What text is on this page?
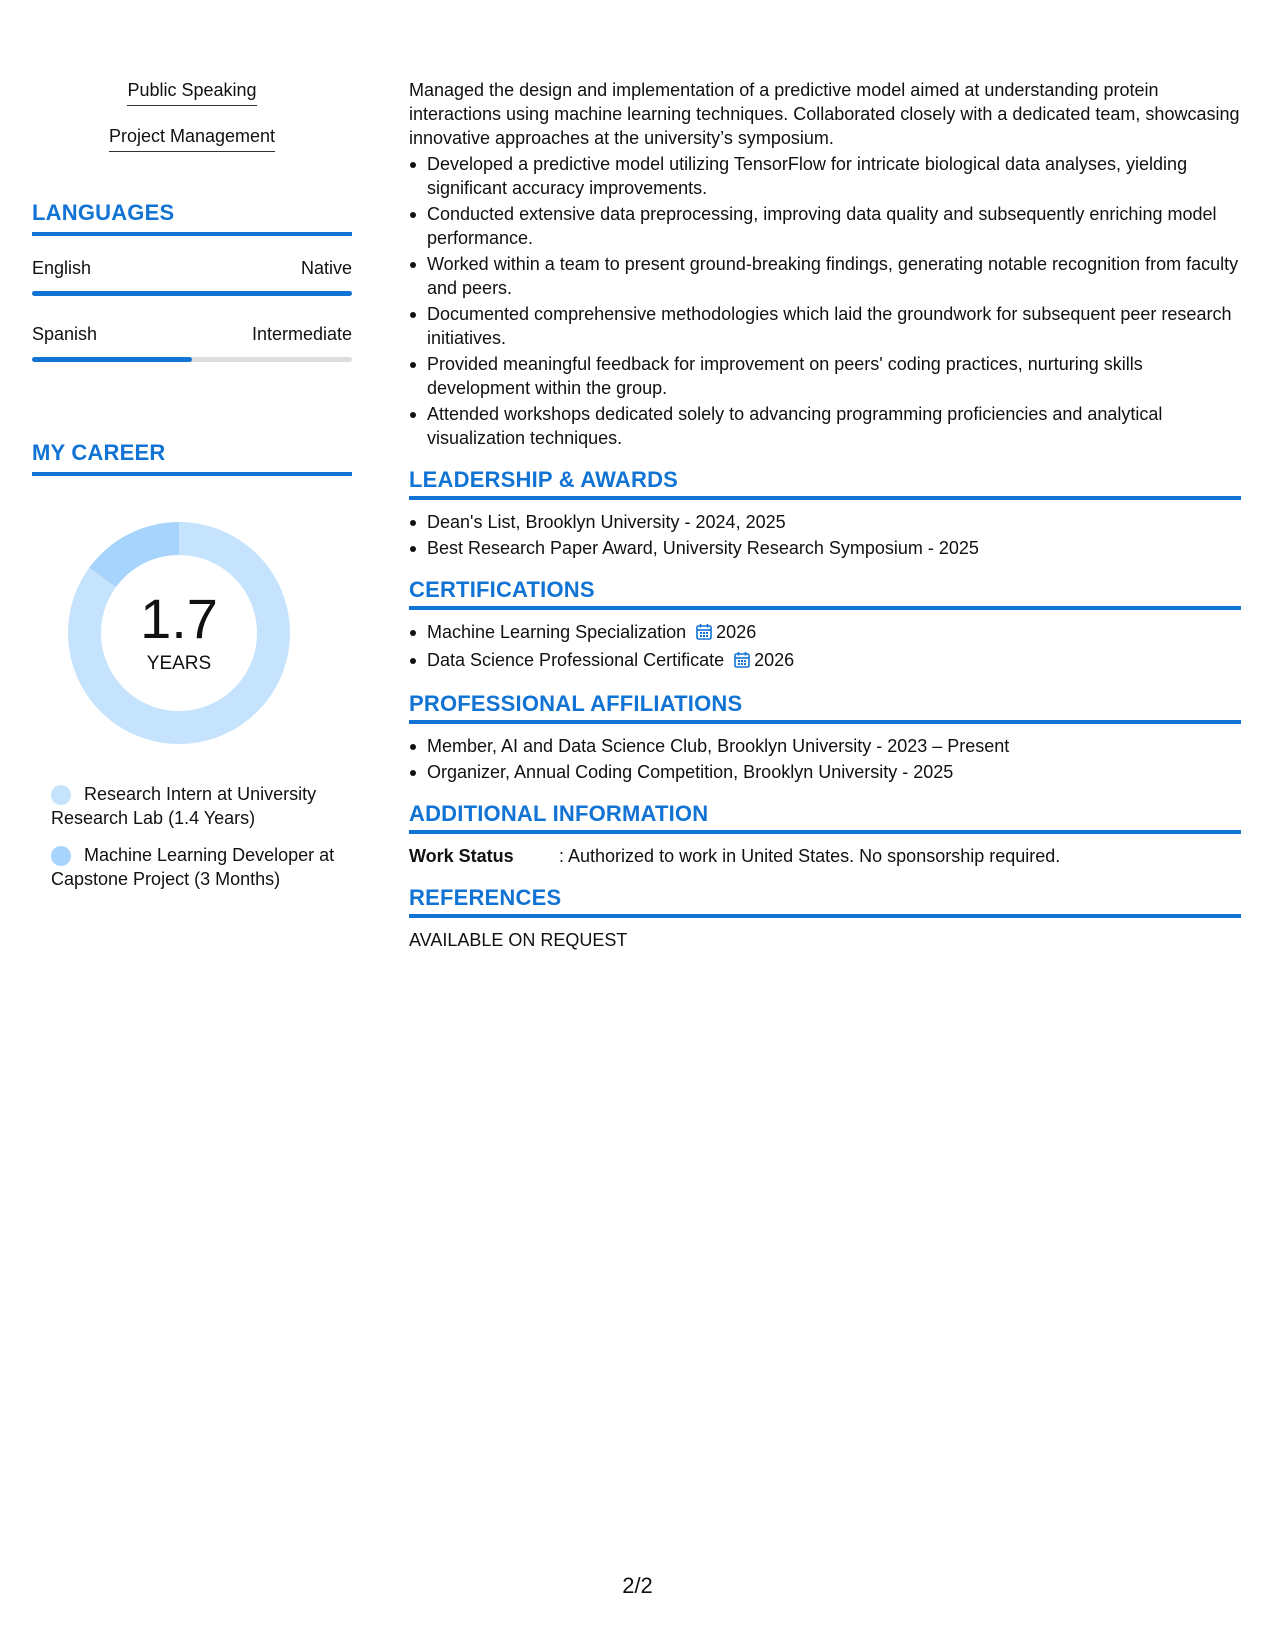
Public Speaking
Project Management
LANGUAGES
English	Native
Spanish	Intermediate
MY CAREER
1.7
YEARS
Research Intern at University Research Lab (1.4 Years)
Machine Learning Developer at Capstone Project (3 Months)
Managed the design and implementation of a predictive model aimed at understanding protein interactions using machine learning techniques. Collaborated closely with a dedicated team, showcasing innovative approaches at the university’s symposium.
Developed a predictive model utilizing TensorFlow for intricate biological data analyses, yielding significant accuracy improvements.
Conducted extensive data preprocessing, improving data quality and subsequently enriching model performance.
Worked within a team to present ground-breaking findings, generating notable recognition from faculty and peers.
Documented comprehensive methodologies which laid the groundwork for subsequent peer research initiatives.
Provided meaningful feedback for improvement on peers' coding practices, nurturing skills development within the group.
Attended workshops dedicated solely to advancing programming proficiencies and analytical visualization techniques.
LEADERSHIP & AWARDS
Dean's List, Brooklyn University - 2024, 2025
Best Research Paper Award, University Research Symposium - 2025
CERTIFICATIONS
Machine Learning Specialization 2026
Data Science Professional Certificate 2026
PROFESSIONAL AFFILIATIONS
Member, AI and Data Science Club, Brooklyn University - 2023 – Present
Organizer, Annual Coding Competition, Brooklyn University - 2025
ADDITIONAL INFORMATION
Work Status	: Authorized to work in United States. No sponsorship required.
REFERENCES
AVAILABLE ON REQUEST
2/2
